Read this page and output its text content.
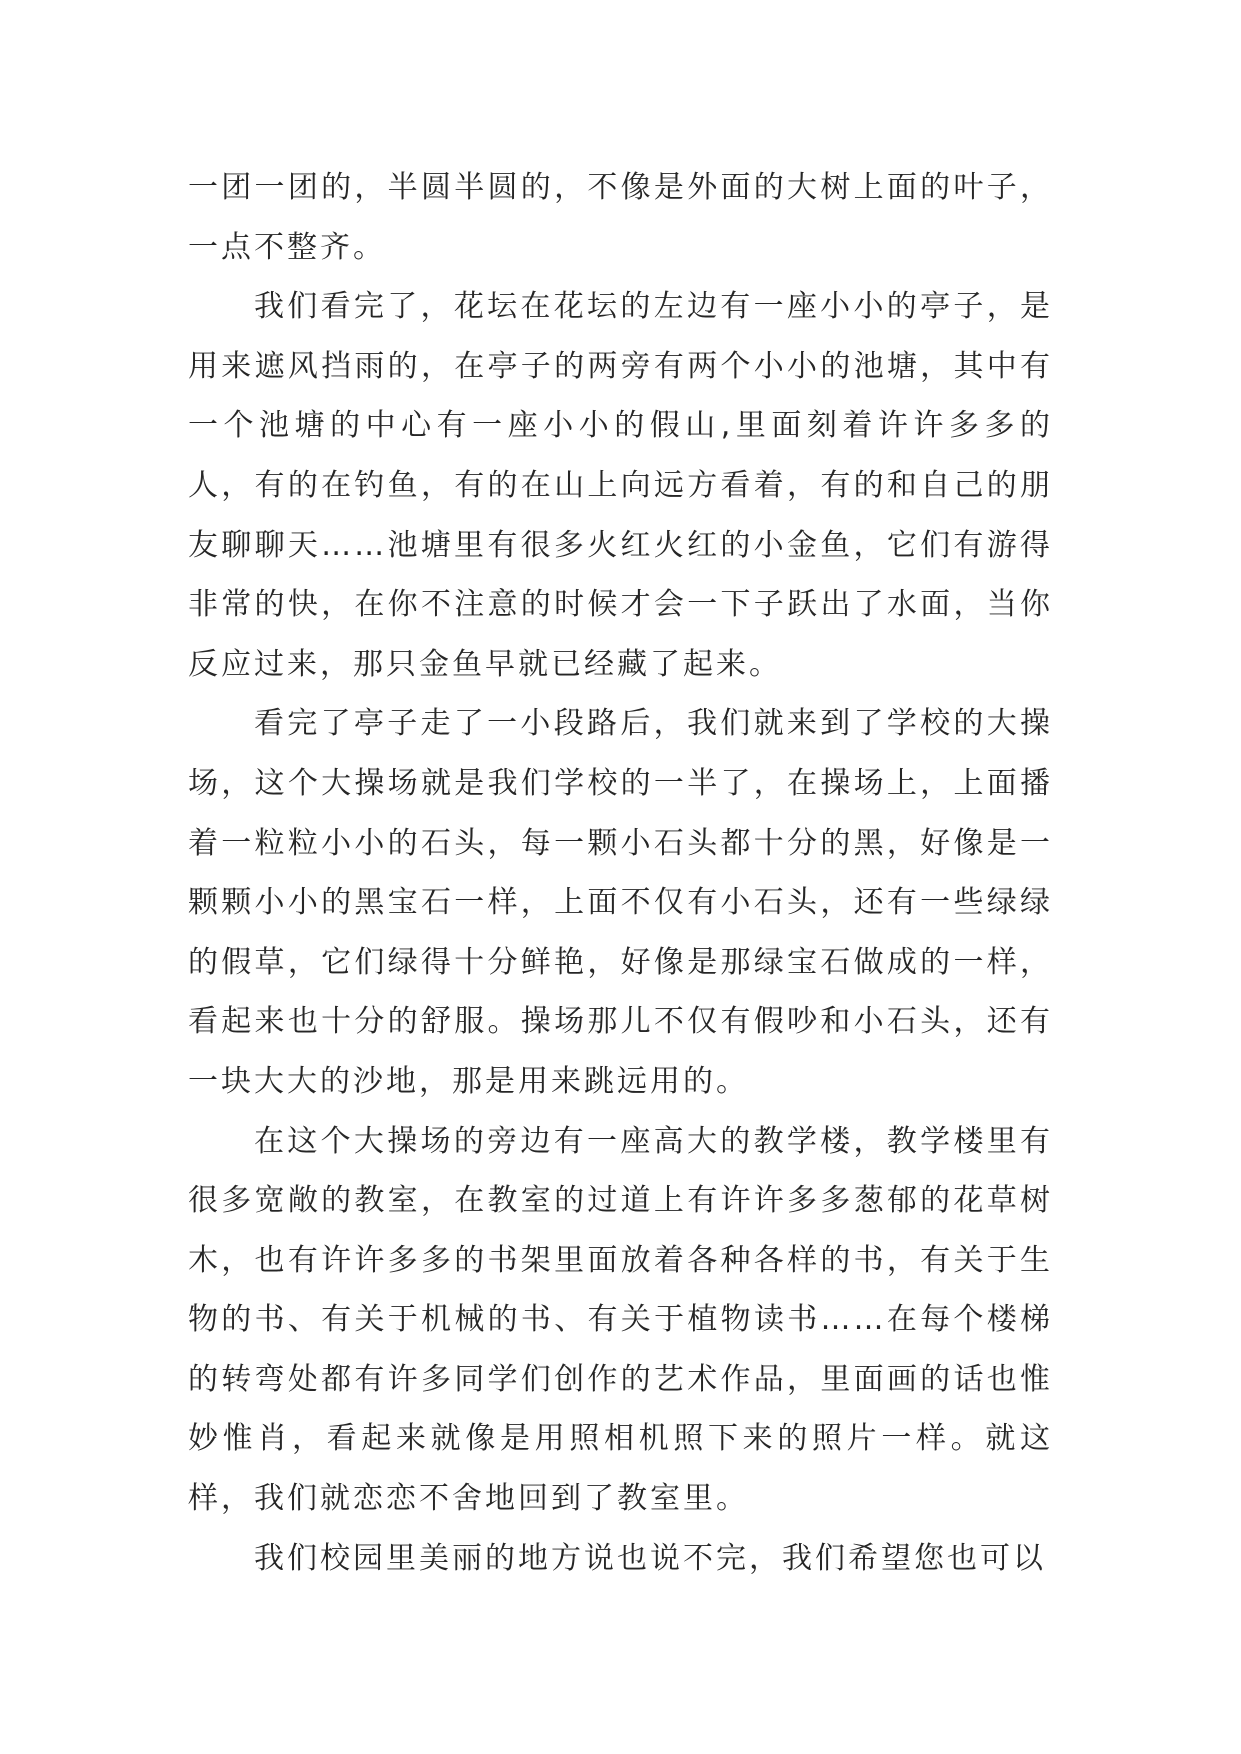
一团一团的，半圆半圆的，不像是外面的大树上面的叶子，一点不整齐。

我们看完了，花坛在花坛的左边有一座小小的亭子，是用来遮风挡雨的，在亭子的两旁有两个小小的池塘，其中有一个池塘的中心有一座小小的假山,里面刻着许许多多的人，有的在钓鱼，有的在山上向远方看着，有的和自己的朋友聊聊天……池塘里有很多火红火红的小金鱼，它们有游得非常的快，在你不注意的时候才会一下子跃出了水面，当你反应过来，那只金鱼早就已经藏了起来。

看完了亭子走了一小段路后，我们就来到了学校的大操场，这个大操场就是我们学校的一半了，在操场上，上面播着一粒粒小小的石头，每一颗小石头都十分的黑，好像是一颗颗小小的黑宝石一样，上面不仅有小石头，还有一些绿绿的假草，它们绿得十分鲜艳，好像是那绿宝石做成的一样，看起来也十分的舒服。操场那儿不仅有假吵和小石头，还有一块大大的沙地，那是用来跳远用的。

在这个大操场的旁边有一座高大的教学楼，教学楼里有很多宽敞的教室，在教室的过道上有许许多多葱郁的花草树木，也有许许多多的书架里面放着各种各样的书，有关于生物的书、有关于机械的书、有关于植物读书……在每个楼梯的转弯处都有许多同学们创作的艺术作品，里面画的话也惟妙惟肖，看起来就像是用照相机照下来的照片一样。就这样，我们就恋恋不舍地回到了教室里。

我们校园里美丽的地方说也说不完，我们希望您也可以
